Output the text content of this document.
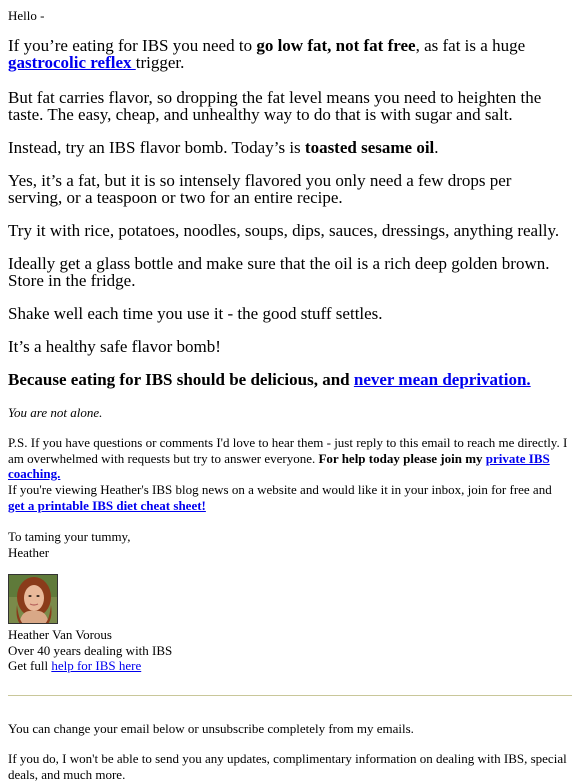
Hello -

If you’re eating for IBS you need to go low fat, not fat free, as fat is a huge gastrocolic reflex trigger.

But fat carries flavor, so dropping the fat level means you need to heighten the taste. The easy, cheap, and unhealthy way to do that is with sugar and salt.

Instead, try an IBS flavor bomb. Today’s is toasted sesame oil.

Yes, it’s a fat, but it is so intensely flavored you only need a few drops per serving, or a teaspoon or two for an entire recipe.

Try it with rice, potatoes, noodles, soups, dips, sauces, dressings, anything really.

Ideally get a glass bottle and make sure that the oil is a rich deep golden brown. Store in the fridge.

Shake well each time you use it - the good stuff settles.

It’s a healthy safe flavor bomb!

Because eating for IBS should be delicious, and never mean deprivation.

You are not alone.

P.S. If you have questions or comments I'd love to hear them - just reply to this email to reach me directly. I am overwhelmed with requests but try to answer everyone. For help today please join my private IBS coaching.

If you're viewing Heather's IBS blog news on a website and would like it in your inbox, join for free and get a printable IBS diet cheat sheet!

To taming your tummy,
Heather

Heather Van Vorous
Over 40 years dealing with IBS
Get full help for IBS here

You can change your email below or unsubscribe completely from my emails.

If you do, I won't be able to send you any updates, complimentary information on dealing with IBS, special deals, and much more.
